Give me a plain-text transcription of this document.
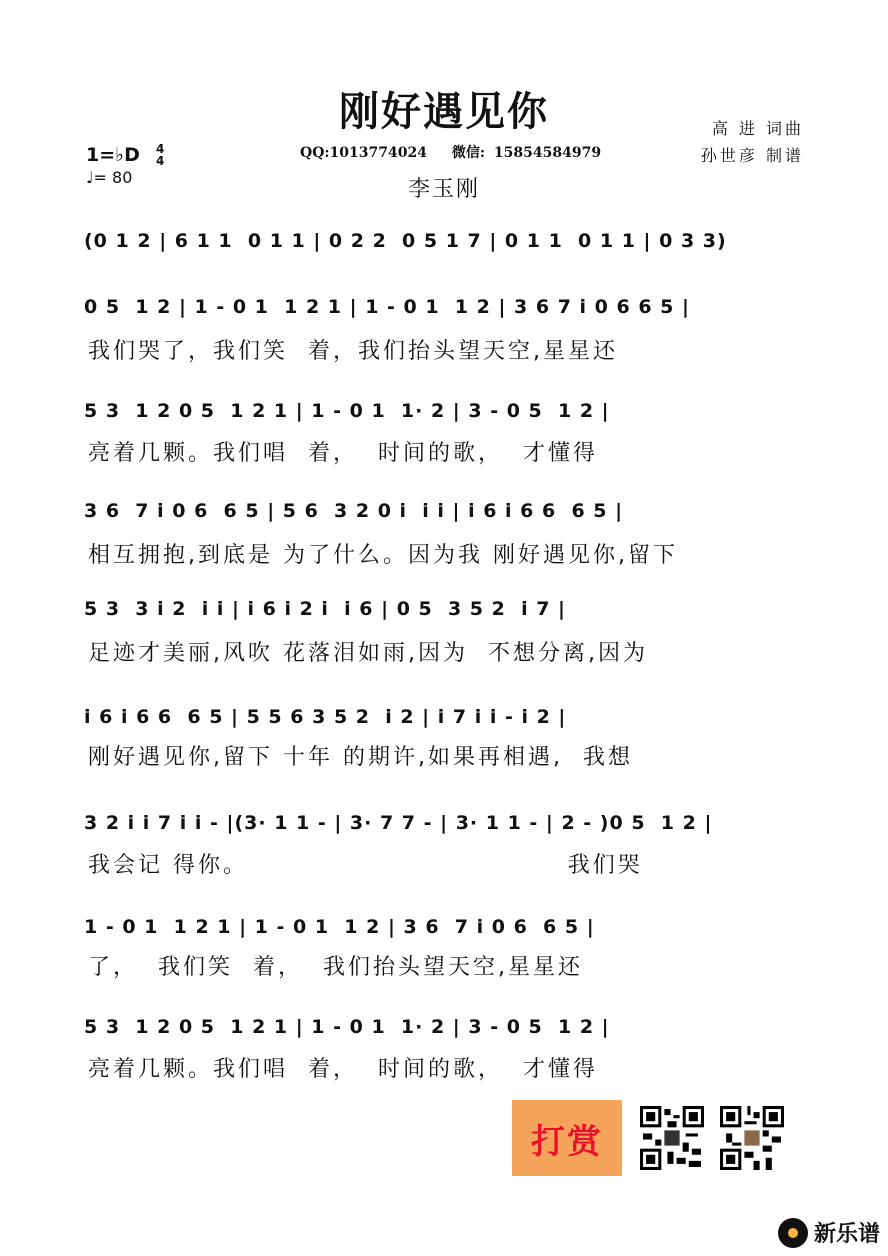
刚好遇见你
QQ:1013774024 微信: 15854584979
李玉刚
高 进 词曲
孙世彦 制谱
1=♭D 4
4
♩= 80
(0 1 2 | 6 1 1  0 1 1 | 0 2 2  0 5 1 7 | 0 1 1  0 1 1 | 0 3 3)
0 5  1 2 | 1 - 0 1  1 2 1 | 1 - 0 1  1 2 | 3 6 7 i 0 6 6 5 |
我们哭了，我们笑  着，我们抬头望天空,星星还
5 3  1 2 0 5  1 2 1 | 1 - 0 1  1· 2 | 3 - 0 5  1 2 |
亮着几颗。我们唱  着，  时间的歌，  才懂得
3 6  7 i 0 6  6 5 | 5 6  3 2 0 i  i i | i 6 i 6 6  6 5 |
相互拥抱,到底是 为了什么。因为我 刚好遇见你,留下
5 3  3 i 2  i i | i 6 i 2 i  i 6 | 0 5  3 5 2  i 7 |
足迹才美丽,风吹 花落泪如雨,因为  不想分离,因为
i 6 i 6 6  6 5 | 5 5 6 3 5 2  i 2 | i 7 i i - i 2 |
刚好遇见你,留下 十年 的期许,如果再相遇,  我想
3 2 i i 7 i i - |(3· 1 1 - | 3· 7 7 - | 3· 1 1 - | 2 - )0 5  1 2 |
我会记 得你。                                我们哭
1 - 0 1  1 2 1 | 1 - 0 1  1 2 | 3 6  7 i 0 6  6 5 |
了，  我们笑  着，  我们抬头望天空,星星还
5 3  1 2 0 5  1 2 1 | 1 - 0 1  1· 2 | 3 - 0 5  1 2 |
亮着几颗。我们唱  着，  时间的歌，  才懂得
打赏
新乐谱
